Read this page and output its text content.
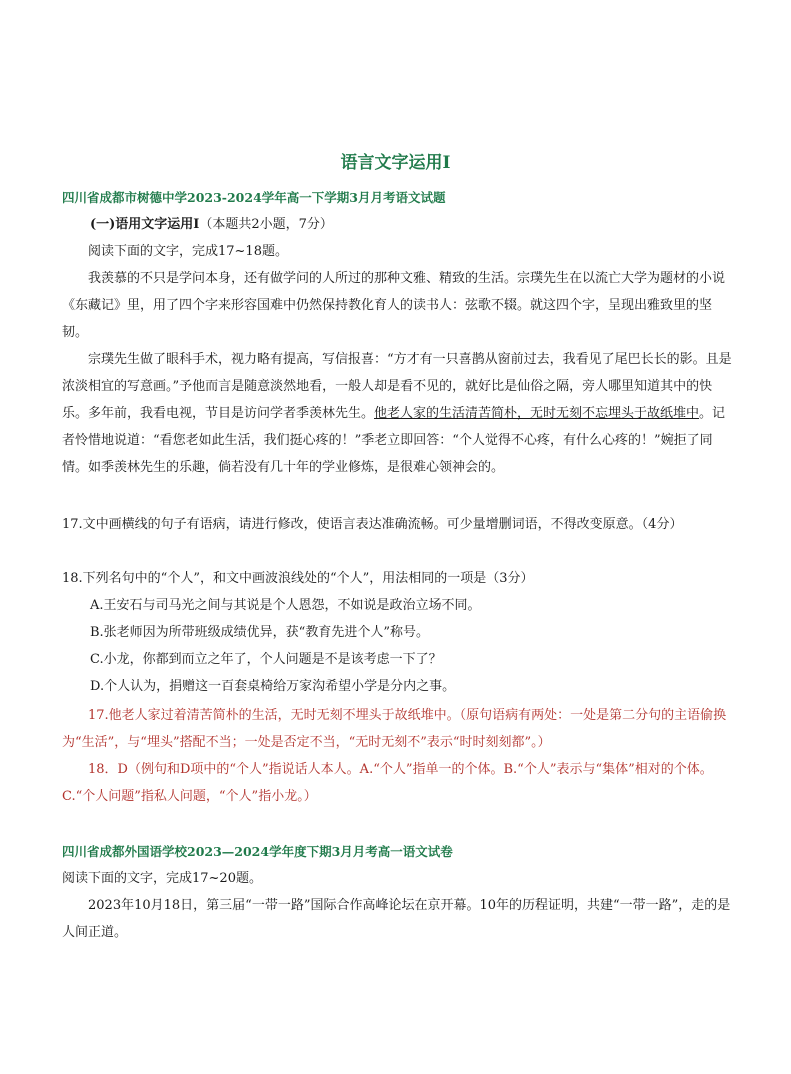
语言文字运用Ⅰ

四川省成都市树德中学2023-2024学年高一下学期3月月考语文试题

(一)语用文字运用Ⅰ（本题共2小题，7分）

阅读下面的文字，完成17~18题。

我羡慕的不只是学问本身，还有做学问的人所过的那种文雅、精致的生活。宗璞先生在以流亡大学为题材的小说《东藏记》里，用了四个字来形容国难中仍然保持教化育人的读书人：弦歌不辍。就这四个字，呈现出雅致里的坚韧。

宗璞先生做了眼科手术，视力略有提高，写信报喜：“方才有一只喜鹊从窗前过去，我看见了尾巴长长的影。且是浓淡相宜的写意画。”予他而言是随意淡然地看，一般人却是看不见的，就好比是仙俗之隔，旁人哪里知道其中的快乐。多年前，我看电视，节目是访问学者季羡林先生。他老人家的生活清苦简朴，无时无刻不忘埋头于故纸堆中。记者怜惜地说道：“看您老如此生活，我们挺心疼的！”季老立即回答：“个人觉得不心疼，有什么心疼的！”婉拒了同情。如季羡林先生的乐趣，倘若没有几十年的学业修炼，是很难心领神会的。

17.文中画横线的句子有语病，请进行修改，使语言表达准确流畅。可少量增删词语，不得改变原意。（4分）

18.下列名句中的“个人”，和文中画波浪线处的“个人”，用法相同的一项是（3分）

A.王安石与司马光之间与其说是个人恩怨，不如说是政治立场不同。

B.张老师因为所带班级成绩优异，获“教育先进个人”称号。

C.小龙，你都到而立之年了，个人问题是不是该考虑一下了？

D.个人认为，捐赠这一百套桌椅给万家沟希望小学是分内之事。

17.他老人家过着清苦简朴的生活，无时无刻不埋头于故纸堆中。（原句语病有两处：一处是第二分句的主语偷换为“生活”，与“埋头”搭配不当；一处是否定不当，“无时无刻不”表示“时时刻刻都”。）

18．D（例句和D项中的“个人”指说话人本人。A.“个人”指单一的个体。B.“个人”表示与“集体”相对的个体。C.“个人问题”指私人问题，“个人”指小龙。）

四川省成都外国语学校2023—2024学年度下期3月月考高一语文试卷

阅读下面的文字，完成17~20题。

2023年10月18日，第三届“一带一路”国际合作高峰论坛在京开幕。10年的历程证明，共建“一带一路”，走的是人间正道。
